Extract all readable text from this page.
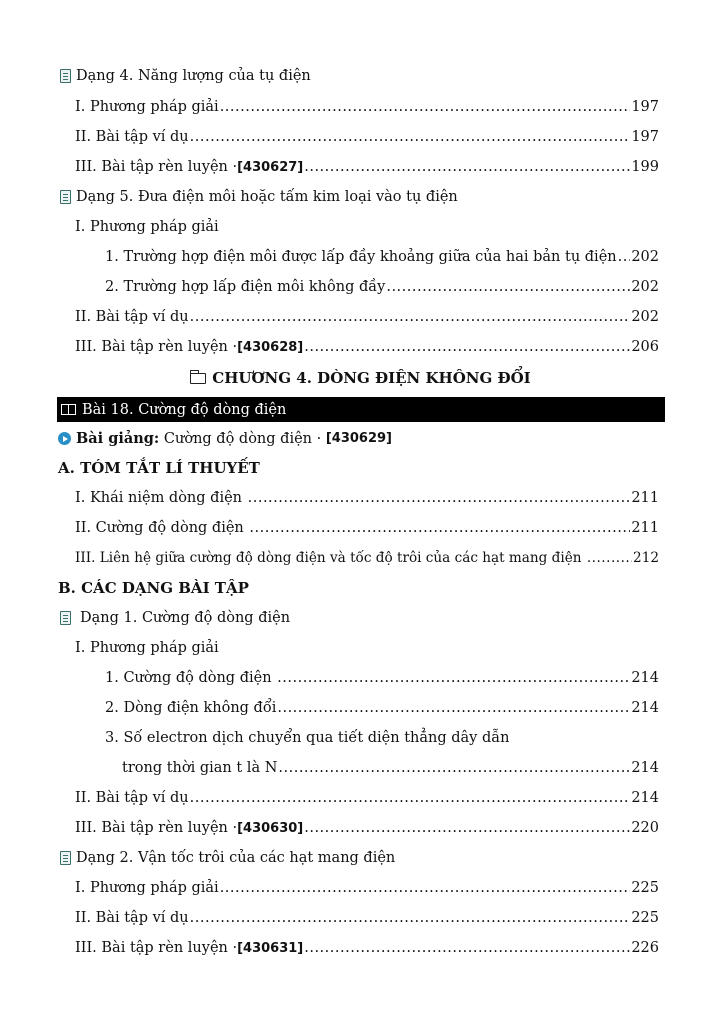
Dạng 4. Năng lượng của tụ điện
I. Phương pháp giải .....	197
II. Bài tập ví dụ .....	197
III. Bài tập rèn luyện · [430627] .....	199
Dạng 5. Đưa điện môi hoặc tấm kim loại vào tụ điện
I. Phương pháp giải
1. Trường hợp điện môi được lấp đầy khoảng giữa của hai bản tụ điện ..... 202
2. Trường hợp lấp điện môi không đầy .....	202
II. Bài tập ví dụ .....	202
III. Bài tập rèn luyện · [430628] .....	206
CHƯƠNG 4. DÒNG ĐIỆN KHÔNG ĐỔI
Bài 18. Cường độ dòng điện
Bài giảng: Cường độ dòng điện · [430629]
A. TÓM TẮT LÍ THUYẾT
I. Khái niệm dòng điện .....	211
II. Cường độ dòng điện .....	211
III. Liên hệ giữa cường độ dòng điện và tốc độ trôi của các hạt mang điện .....	212
B. CÁC DẠNG BÀI TẬP
Dạng 1. Cường độ dòng điện
I. Phương pháp giải
1. Cường độ dòng điện .....	214
2. Dòng điện không đổi .....	214
3. Số electron dịch chuyển qua tiết diện thẳng dây dẫn
trong thời gian t là N .....	214
II. Bài tập ví dụ .....	214
III. Bài tập rèn luyện · [430630] .....	220
Dạng 2. Vận tốc trôi của các hạt mang điện
I. Phương pháp giải .....	225
II. Bài tập ví dụ .....	225
III. Bài tập rèn luyện · [430631] .....	226
